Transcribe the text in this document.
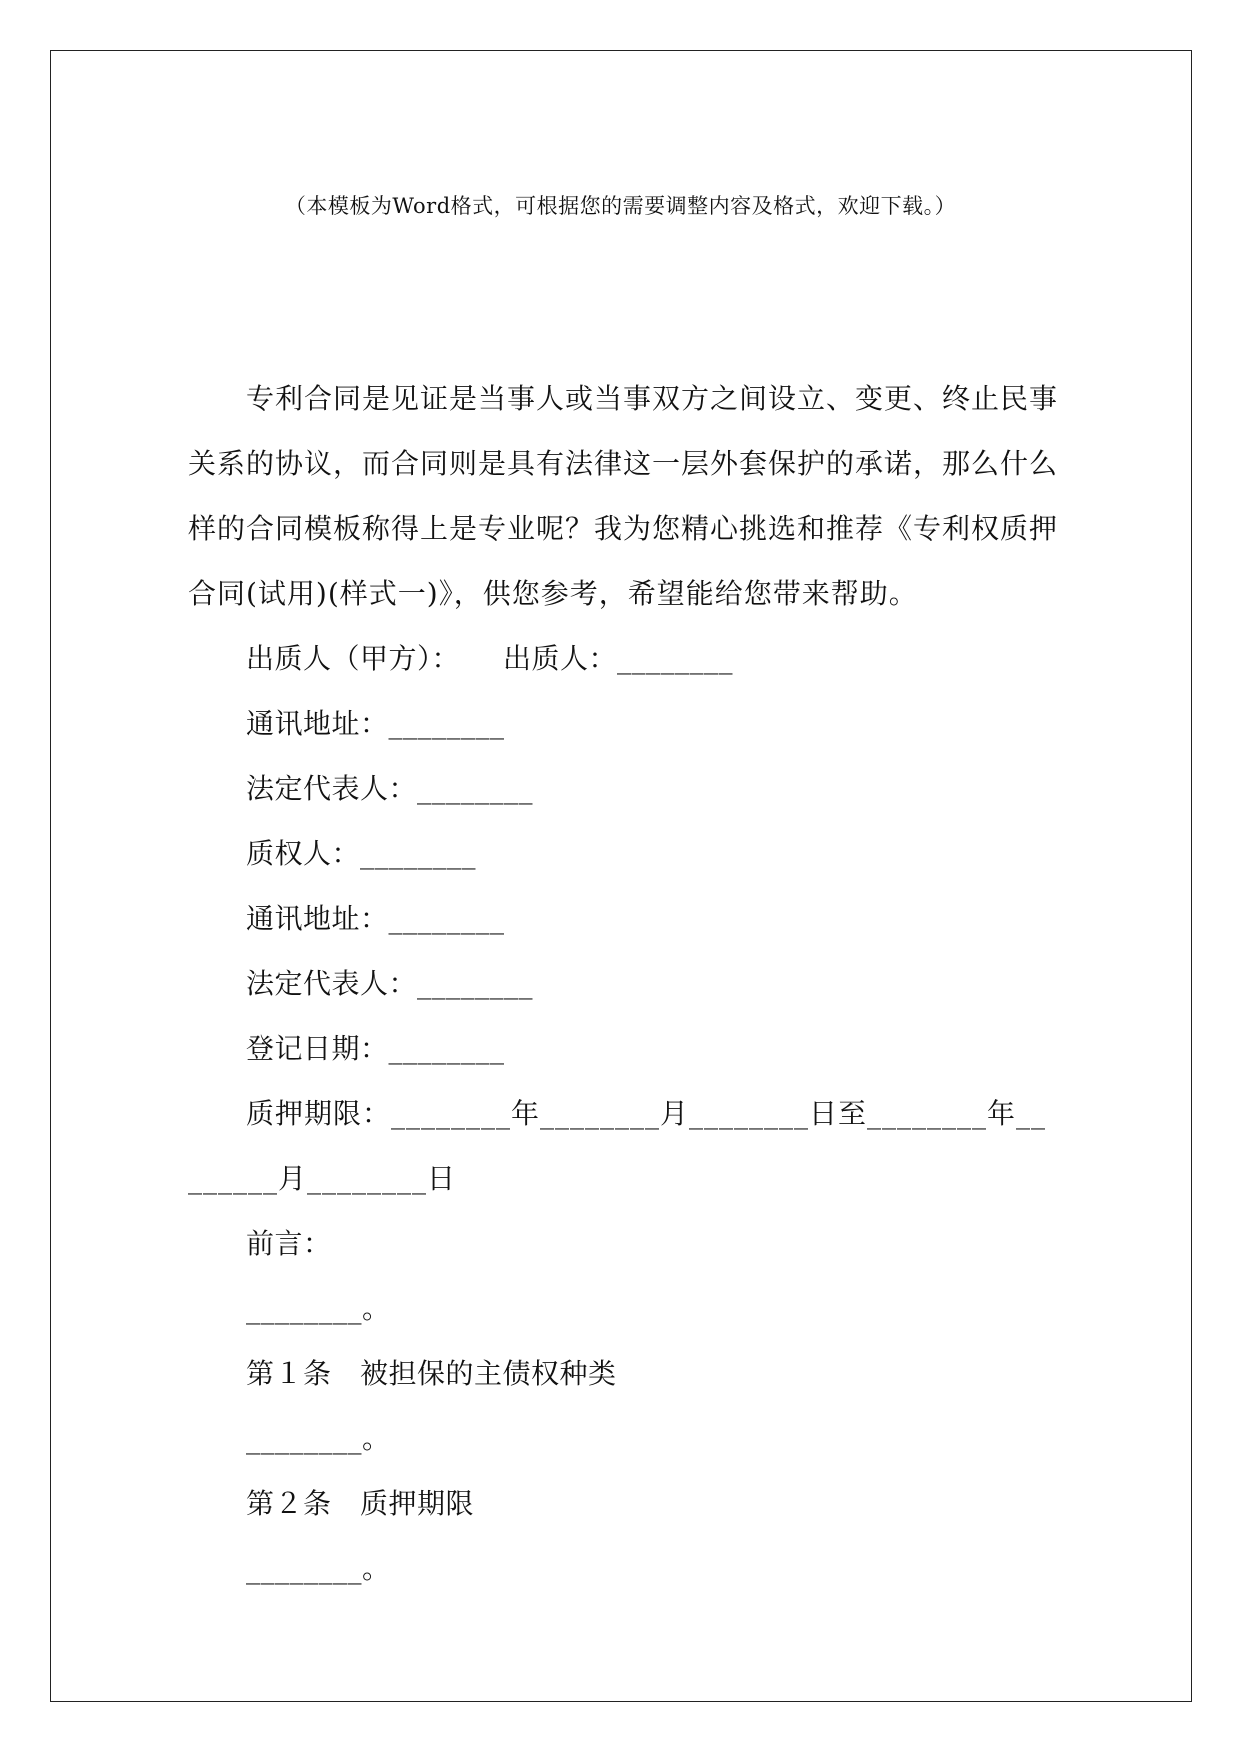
（本模板为Word格式，可根据您的需要调整内容及格式，欢迎下载。）

专利合同是见证是当事人或当事双方之间设立、变更、终止民事关系的协议，而合同则是具有法律这一层外套保护的承诺，那么什么样的合同模板称得上是专业呢？我为您精心挑选和推荐《专利权质押合同(试用)(样式一)》，供您参考，希望能给您带来帮助。

出质人（甲方）：　　出质人：________

通讯地址：________

法定代表人：________

质权人：________

通讯地址：________

法定代表人：________

登记日期：________

质押期限：________年________月________日至________年________月________日

前言：

________。

第１条　被担保的主债权种类

________。

第２条　质押期限

________。
